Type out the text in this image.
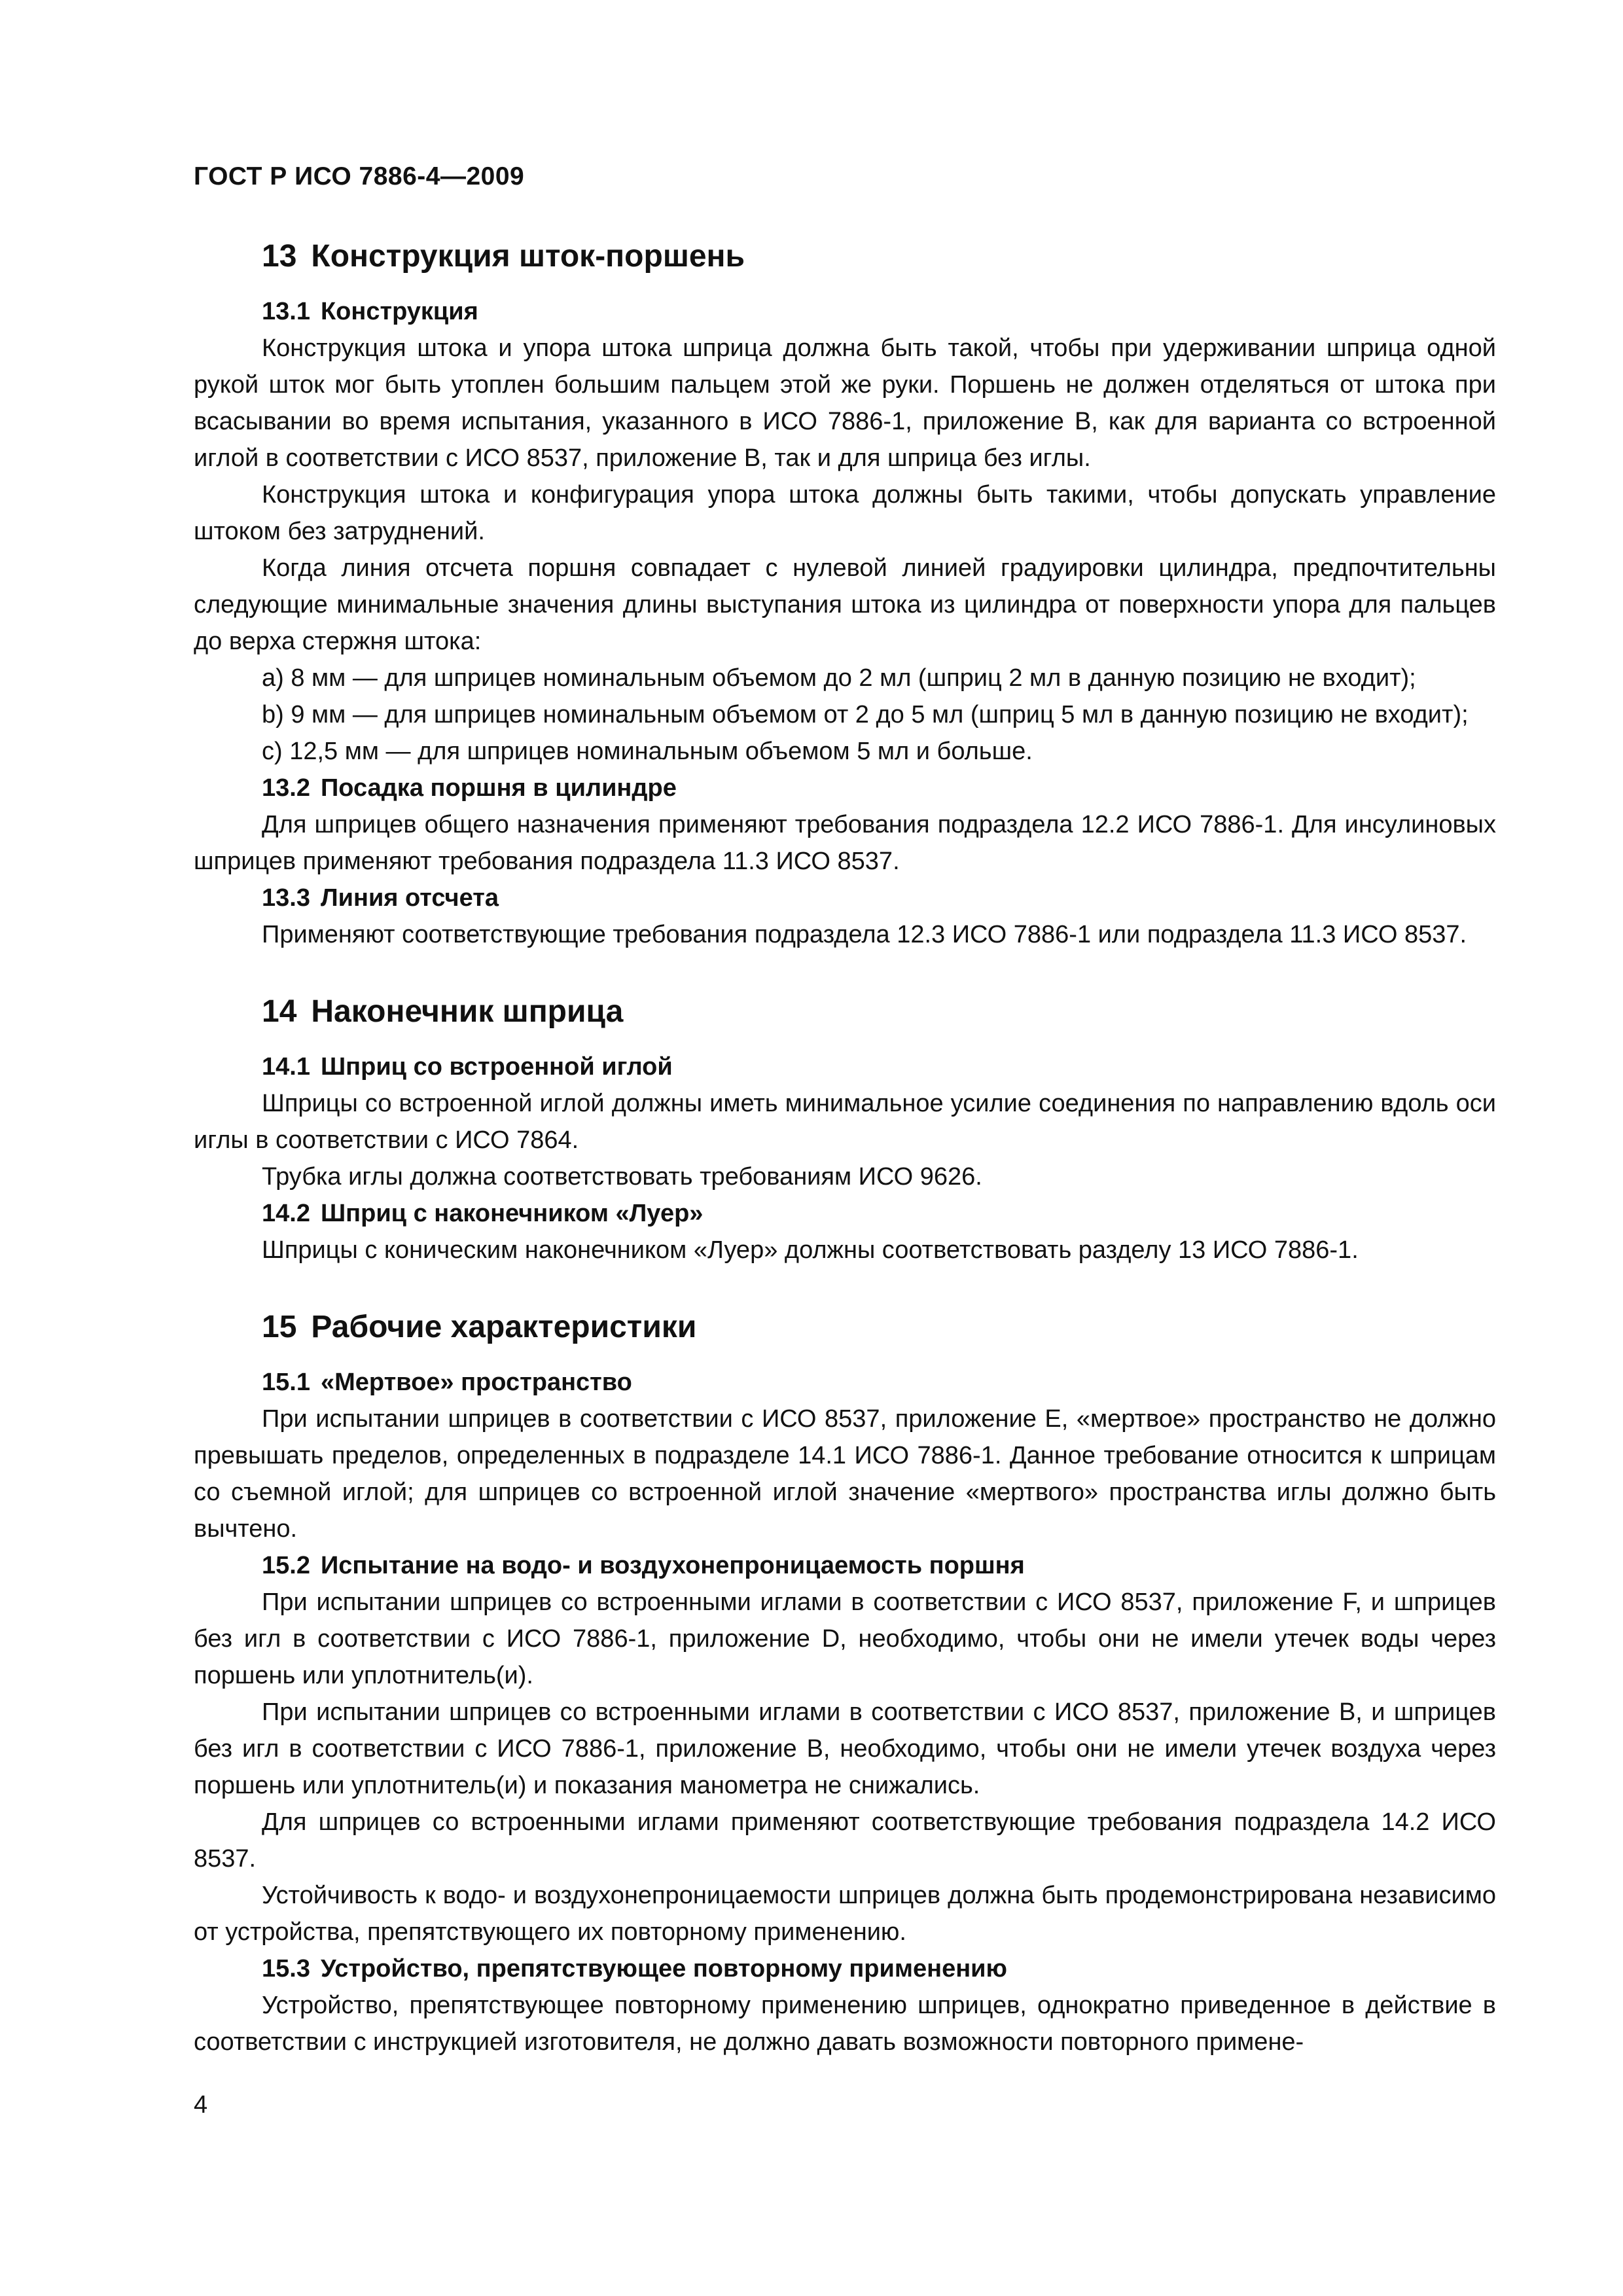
ГОСТ Р ИСО 7886-4—2009
13 Конструкция шток-поршень
13.1 Конструкция

Конструкция штока и упора штока шприца должна быть такой, чтобы при удерживании шприца одной рукой шток мог быть утоплен большим пальцем этой же руки. Поршень не должен отделяться от штока при всасывании во время испытания, указанного в ИСО 7886-1, приложение В, как для варианта со встроенной иглой в соответствии с ИСО 8537, приложение В, так и для шприца без иглы.

Конструкция штока и конфигурация упора штока должны быть такими, чтобы допускать управление штоком без затруднений.

Когда линия отсчета поршня совпадает с нулевой линией градуировки цилиндра, предпочтительны следующие минимальные значения длины выступания штока из цилиндра от поверхности упора для пальцев до верха стержня штока:

a) 8 мм — для шприцев номинальным объемом до 2 мл (шприц 2 мл в данную позицию не входит);

b) 9 мм — для шприцев номинальным объемом от 2 до 5 мл (шприц 5 мл в данную позицию не входит);

c) 12,5 мм — для шприцев номинальным объемом 5 мл и больше.

13.2 Посадка поршня в цилиндре

Для шприцев общего назначения применяют требования подраздела 12.2 ИСО 7886-1. Для инсулиновых шприцев применяют требования подраздела 11.3 ИСО 8537.

13.3 Линия отсчета

Применяют соответствующие требования подраздела 12.3 ИСО 7886-1 или подраздела 11.3 ИСО 8537.

14 Наконечник шприца
14.1 Шприц со встроенной иглой

Шприцы со встроенной иглой должны иметь минимальное усилие соединения по направлению вдоль оси иглы в соответствии с ИСО 7864.

Трубка иглы должна соответствовать требованиям ИСО 9626.

14.2 Шприц с наконечником «Луер»

Шприцы с коническим наконечником «Луер» должны соответствовать разделу 13 ИСО 7886-1.

15 Рабочие характеристики
15.1 «Мертвое» пространство

При испытании шприцев в соответствии с ИСО 8537, приложение Е, «мертвое» пространство не должно превышать пределов, определенных в подразделе 14.1 ИСО 7886-1. Данное требование относится к шприцам со съемной иглой; для шприцев со встроенной иглой значение «мертвого» пространства иглы должно быть вычтено.

15.2 Испытание на водо- и воздухонепроницаемость поршня

При испытании шприцев со встроенными иглами в соответствии с ИСО 8537, приложение F, и шприцев без игл в соответствии с ИСО 7886-1, приложение D, необходимо, чтобы они не имели утечек воды через поршень или уплотнитель(и).

При испытании шприцев со встроенными иглами в соответствии с ИСО 8537, приложение В, и шприцев без игл в соответствии с ИСО 7886-1, приложение В, необходимо, чтобы они не имели утечек воздуха через поршень или уплотнитель(и) и показания манометра не снижались.

Для шприцев со встроенными иглами применяют соответствующие требования подраздела 14.2 ИСО 8537.

Устойчивость к водо- и воздухонепроницаемости шприцев должна быть продемонстрирована независимо от устройства, препятствующего их повторному применению.

15.3 Устройство, препятствующее повторному применению

Устройство, препятствующее повторному применению шприцев, однократно приведенное в действие в соответствии с инструкцией изготовителя, не должно давать возможности повторного примене-

4
